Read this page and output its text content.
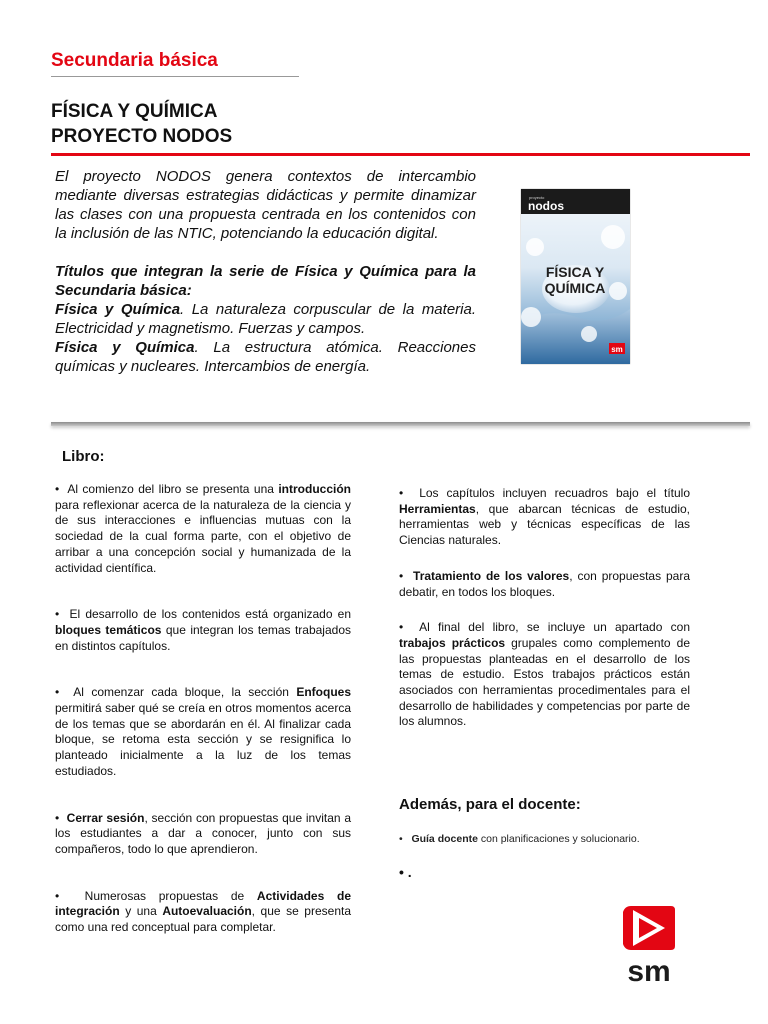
Secundaria básica
FÍSICA Y QUÍMICA
PROYECTO NODOS

El proyecto NODOS genera contextos de intercambio mediante diversas estrategias didácticas y permite dinamizar las clases con una propuesta centrada en los contenidos con la inclusión de las NTIC, potenciando la educación digital.

Títulos que integran la serie de Física y Química para la Secundaria básica:

Física y Química. La naturaleza corpuscular de la materia. Electricidad y magnetismo. Fuerzas y campos.

Física y Química. La estructura atómica. Reacciones químicas y nucleares. Intercambios de energía.

proyecto
nodos
FÍSICA Y
QUÍMICA
sm
Libro:

•  Al comienzo del libro se presenta una introducción para reflexionar acerca de la naturaleza de la ciencia y de sus interacciones e influencias mutuas con la sociedad de la cual forma parte, con el objetivo de arribar a una concepción social y humanizada de la actividad científica.

•  El desarrollo de los contenidos está organizado en bloques temáticos que integran los temas trabajados en distintos capítulos.

•  Al comenzar cada bloque, la sección Enfoques permitirá saber qué se creía en otros momentos acerca de los temas que se abordarán en él. Al finalizar cada bloque, se retoma esta sección y se resignifica lo planteado inicialmente a la luz de los temas estudiados.

•  Cerrar sesión, sección con propuestas que invitan a los estudiantes a dar a conocer, junto con sus compañeros, todo lo que aprendieron.

•  Numerosas propuestas de Actividades de integración y una Autoevaluación, que se presenta como una red conceptual para completar.

•  Los capítulos incluyen recuadros bajo el título Herramientas, que abarcan técnicas de estudio, herramientas web y técnicas específicas de las Ciencias naturales.

•  Tratamiento de los valores, con propuestas para debatir, en todos los bloques.

•  Al final del libro, se incluye un apartado con trabajos prácticos grupales como complemento de las propuestas planteadas en el desarrollo de los temas de estudio. Estos trabajos prácticos están asociados con herramientas procedimentales para el desarrollo de habilidades y competencias por parte de los alumnos.

Además, para el docente:
•   Guía docente con planificaciones y solucionario.
• .
sm
